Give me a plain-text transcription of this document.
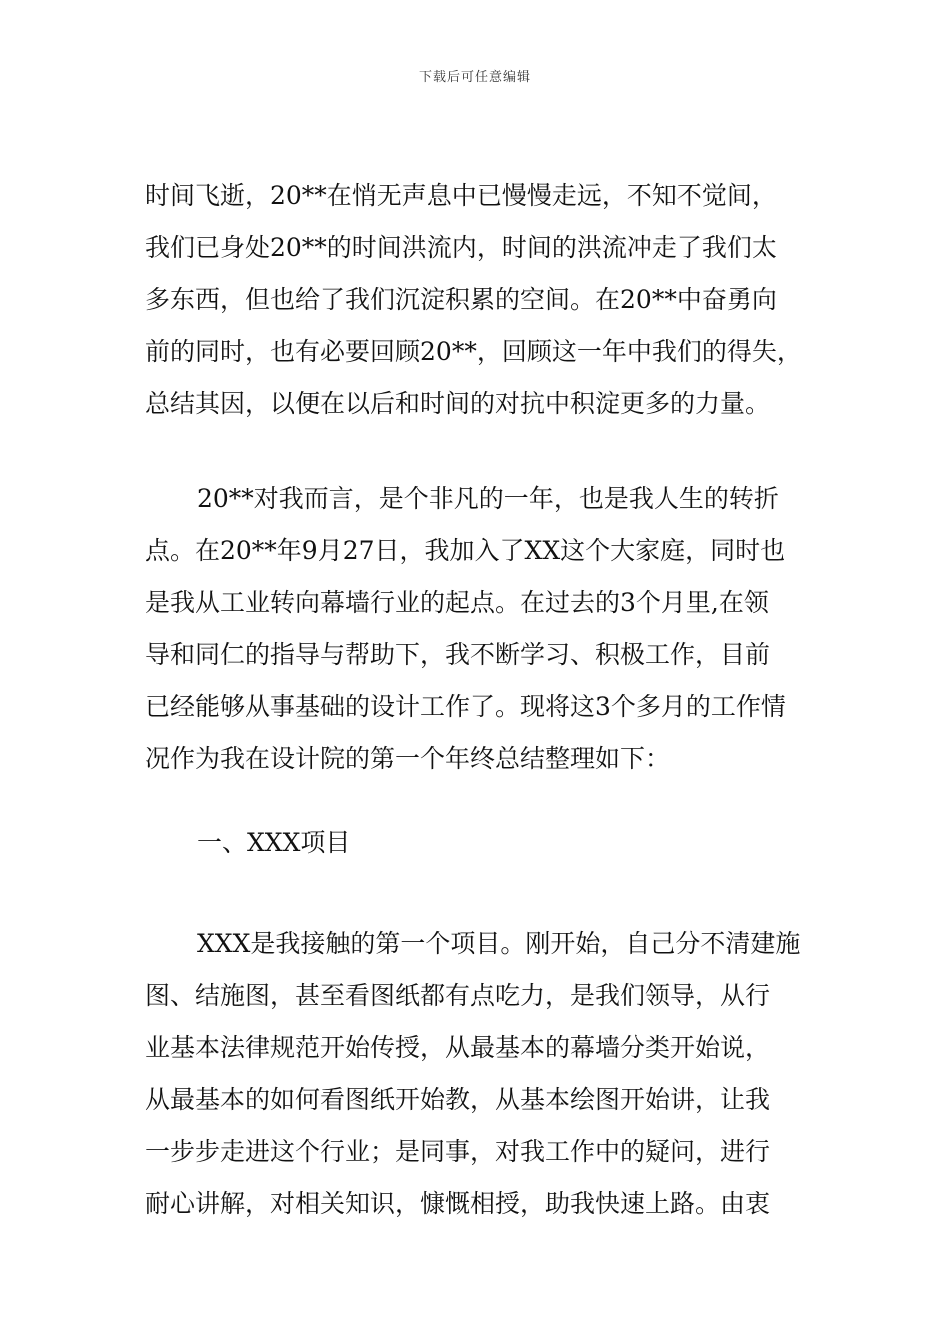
下载后可任意编辑
时间飞逝，20**在悄无声息中已慢慢走远，不知不觉间，
我们已身处20**的时间洪流内，时间的洪流冲走了我们太
多东西，但也给了我们沉淀积累的空间。在20**中奋勇向
前的同时，也有必要回顾20**，回顾这一年中我们的得失，
总结其因，以便在以后和时间的对抗中积淀更多的力量。
20**对我而言，是个非凡的一年，也是我人生的转折
点。在20**年9月27日，我加入了XX这个大家庭，同时也
是我从工业转向幕墙行业的起点。在过去的3个月里,在领
导和同仁的指导与帮助下，我不断学习、积极工作，目前
已经能够从事基础的设计工作了。现将这3个多月的工作情
况作为我在设计院的第一个年终总结整理如下：
一、XXX项目
XXX是我接触的第一个项目。刚开始，自己分不清建施
图、结施图，甚至看图纸都有点吃力，是我们领导，从行
业基本法律规范开始传授，从最基本的幕墙分类开始说，
从最基本的如何看图纸开始教，从基本绘图开始讲，让我
一步步走进这个行业；是同事，对我工作中的疑问，进行
耐心讲解，对相关知识，慷慨相授，助我快速上路。由衷
